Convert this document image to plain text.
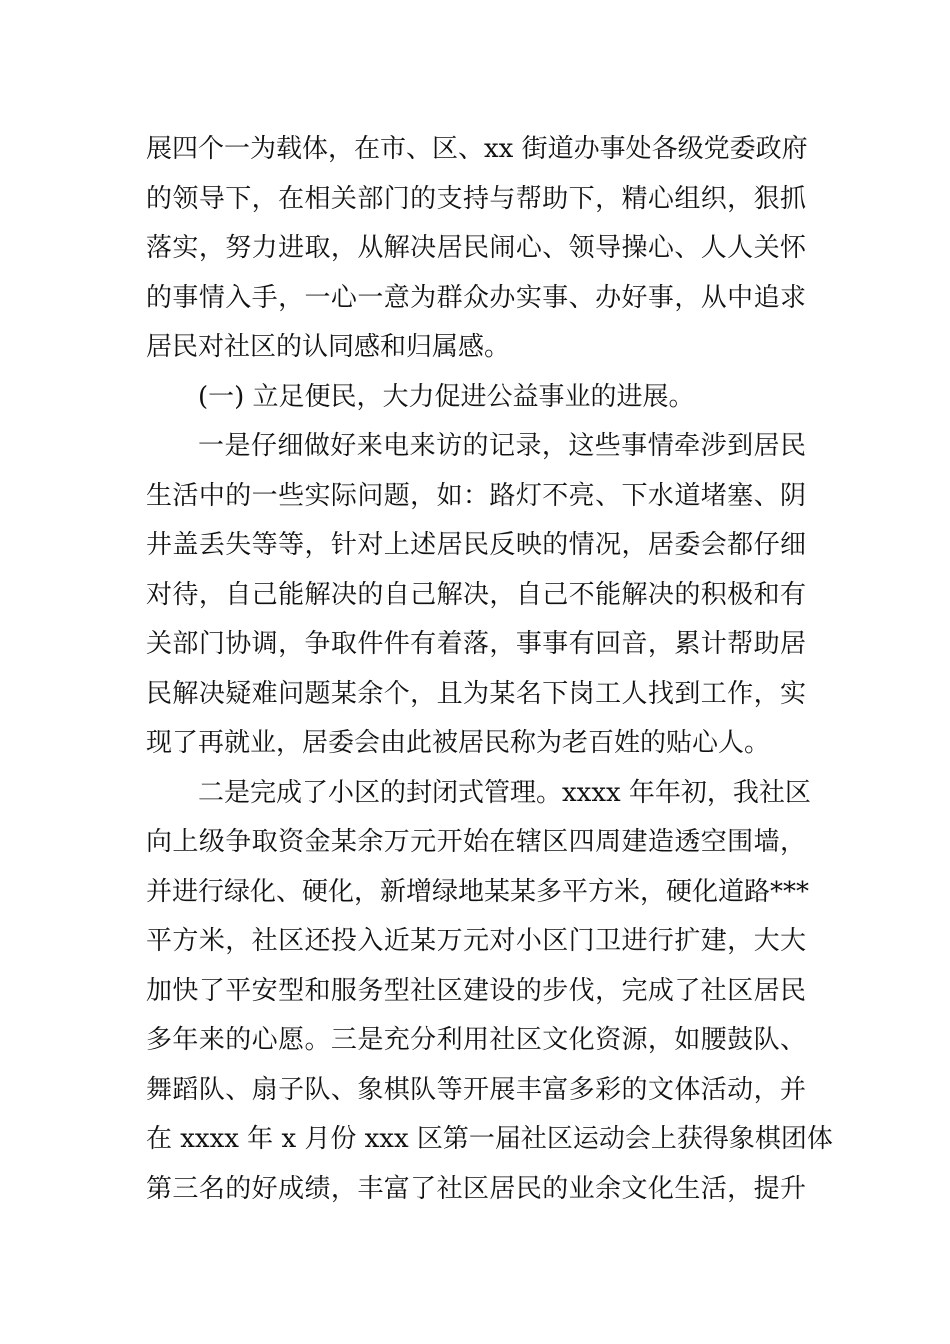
展四个一为载体，在市、区、xx 街道办事处各级党委政府
的领导下，在相关部门的支持与帮助下，精心组织，狠抓
落实，努力进取，从解决居民闹心、领导操心、人人关怀
的事情入手，一心一意为群众办实事、办好事，从中追求
居民对社区的认同感和归属感。
(一) 立足便民，大力促进公益事业的进展。
一是仔细做好来电来访的记录，这些事情牵涉到居民
生活中的一些实际问题，如：路灯不亮、下水道堵塞、阴
井盖丢失等等，针对上述居民反映的情况，居委会都仔细
对待，自己能解决的自己解决，自己不能解决的积极和有
关部门协调，争取件件有着落，事事有回音，累计帮助居
民解决疑难问题某余个，且为某名下岗工人找到工作，实
现了再就业，居委会由此被居民称为老百姓的贴心人。
二是完成了小区的封闭式管理。xxxx 年年初，我社区
向上级争取资金某余万元开始在辖区四周建造透空围墙，
并进行绿化、硬化，新增绿地某某多平方米，硬化道路***
平方米，社区还投入近某万元对小区门卫进行扩建，大大
加快了平安型和服务型社区建设的步伐，完成了社区居民
多年来的心愿。三是充分利用社区文化资源，如腰鼓队、
舞蹈队、扇子队、象棋队等开展丰富多彩的文体活动，并
在 xxxx 年 x 月份 xxx 区第一届社区运动会上获得象棋团体
第三名的好成绩，丰富了社区居民的业余文化生活，提升
